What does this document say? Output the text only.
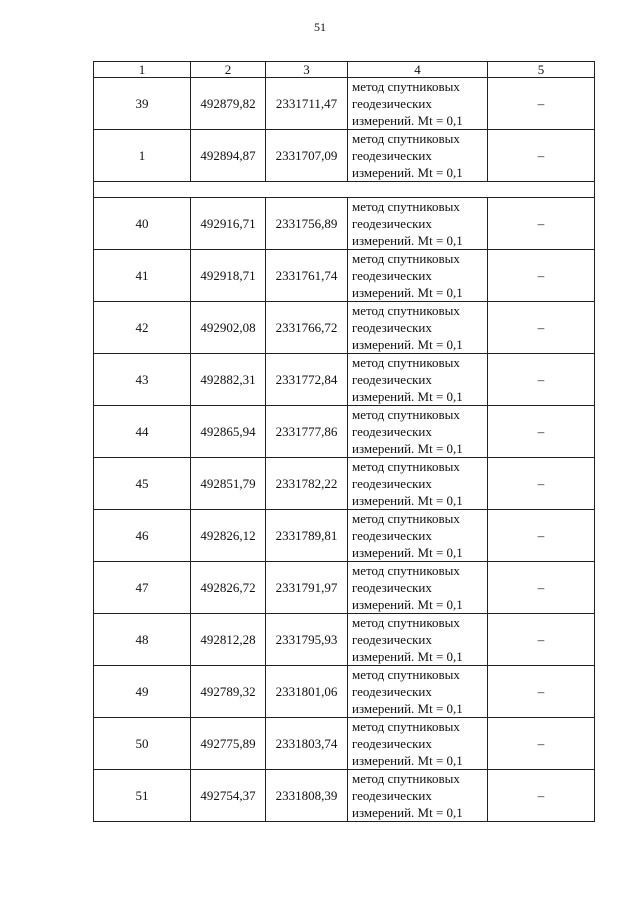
51
1	2	3	4	5
39	492879,82	2331711,47	метод спутниковых
геодезических
измерений. Mt = 0,1	–
1	492894,87	2331707,09	метод спутниковых
геодезических
измерений. Mt = 0,1	–

40	492916,71	2331756,89	метод спутниковых
геодезических
измерений. Mt = 0,1	–
41	492918,71	2331761,74	метод спутниковых
геодезических
измерений. Mt = 0,1	–
42	492902,08	2331766,72	метод спутниковых
геодезических
измерений. Mt = 0,1	–
43	492882,31	2331772,84	метод спутниковых
геодезических
измерений. Mt = 0,1	–
44	492865,94	2331777,86	метод спутниковых
геодезических
измерений. Mt = 0,1	–
45	492851,79	2331782,22	метод спутниковых
геодезических
измерений. Mt = 0,1	–
46	492826,12	2331789,81	метод спутниковых
геодезических
измерений. Mt = 0,1	–
47	492826,72	2331791,97	метод спутниковых
геодезических
измерений. Mt = 0,1	–
48	492812,28	2331795,93	метод спутниковых
геодезических
измерений. Mt = 0,1	–
49	492789,32	2331801,06	метод спутниковых
геодезических
измерений. Mt = 0,1	–
50	492775,89	2331803,74	метод спутниковых
геодезических
измерений. Mt = 0,1	–
51	492754,37	2331808,39	метод спутниковых
геодезических
измерений. Mt = 0,1	–
